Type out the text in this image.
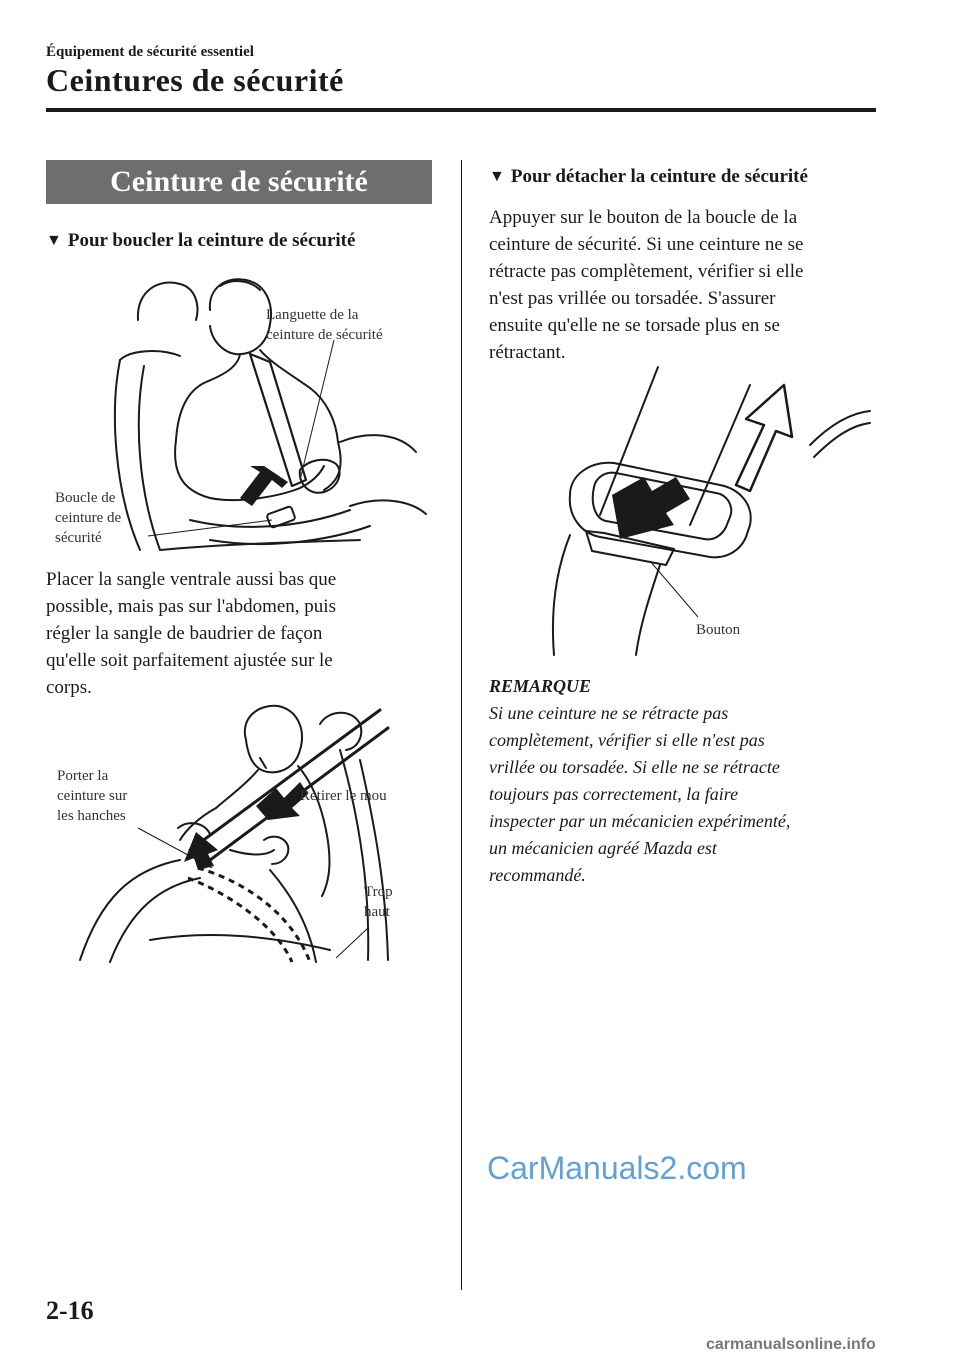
Équipement de sécurité essentiel
Ceintures de sécurité
Ceinture de sécurité
▼ Pour boucler la ceinture de sécurité
Languette de la
ceinture de sécurité
Boucle de
ceinture de
sécurité
Placer la sangle ventrale aussi bas que
possible, mais pas sur l'abdomen, puis
régler la sangle de baudrier de façon
qu'elle soit parfaitement ajustée sur le
corps.
Porter la
ceinture sur
les hanches
Retirer le mou
Trop
haut
▼ Pour détacher la ceinture de sécurité
Appuyer sur le bouton de la boucle de la
ceinture de sécurité. Si une ceinture ne se
rétracte pas complètement, vérifier si elle
n'est pas vrillée ou torsadée. S'assurer
ensuite qu'elle ne se torsade plus en se
rétractant.
Bouton
REMARQUE
Si une ceinture ne se rétracte pas
complètement, vérifier si elle n'est pas
vrillée ou torsadée. Si elle ne se rétracte
toujours pas correctement, la faire
inspecter par un mécanicien expérimenté,
un mécanicien agréé Mazda est
recommandé.
CarManuals2.com
2-16
carmanualsonline.info
